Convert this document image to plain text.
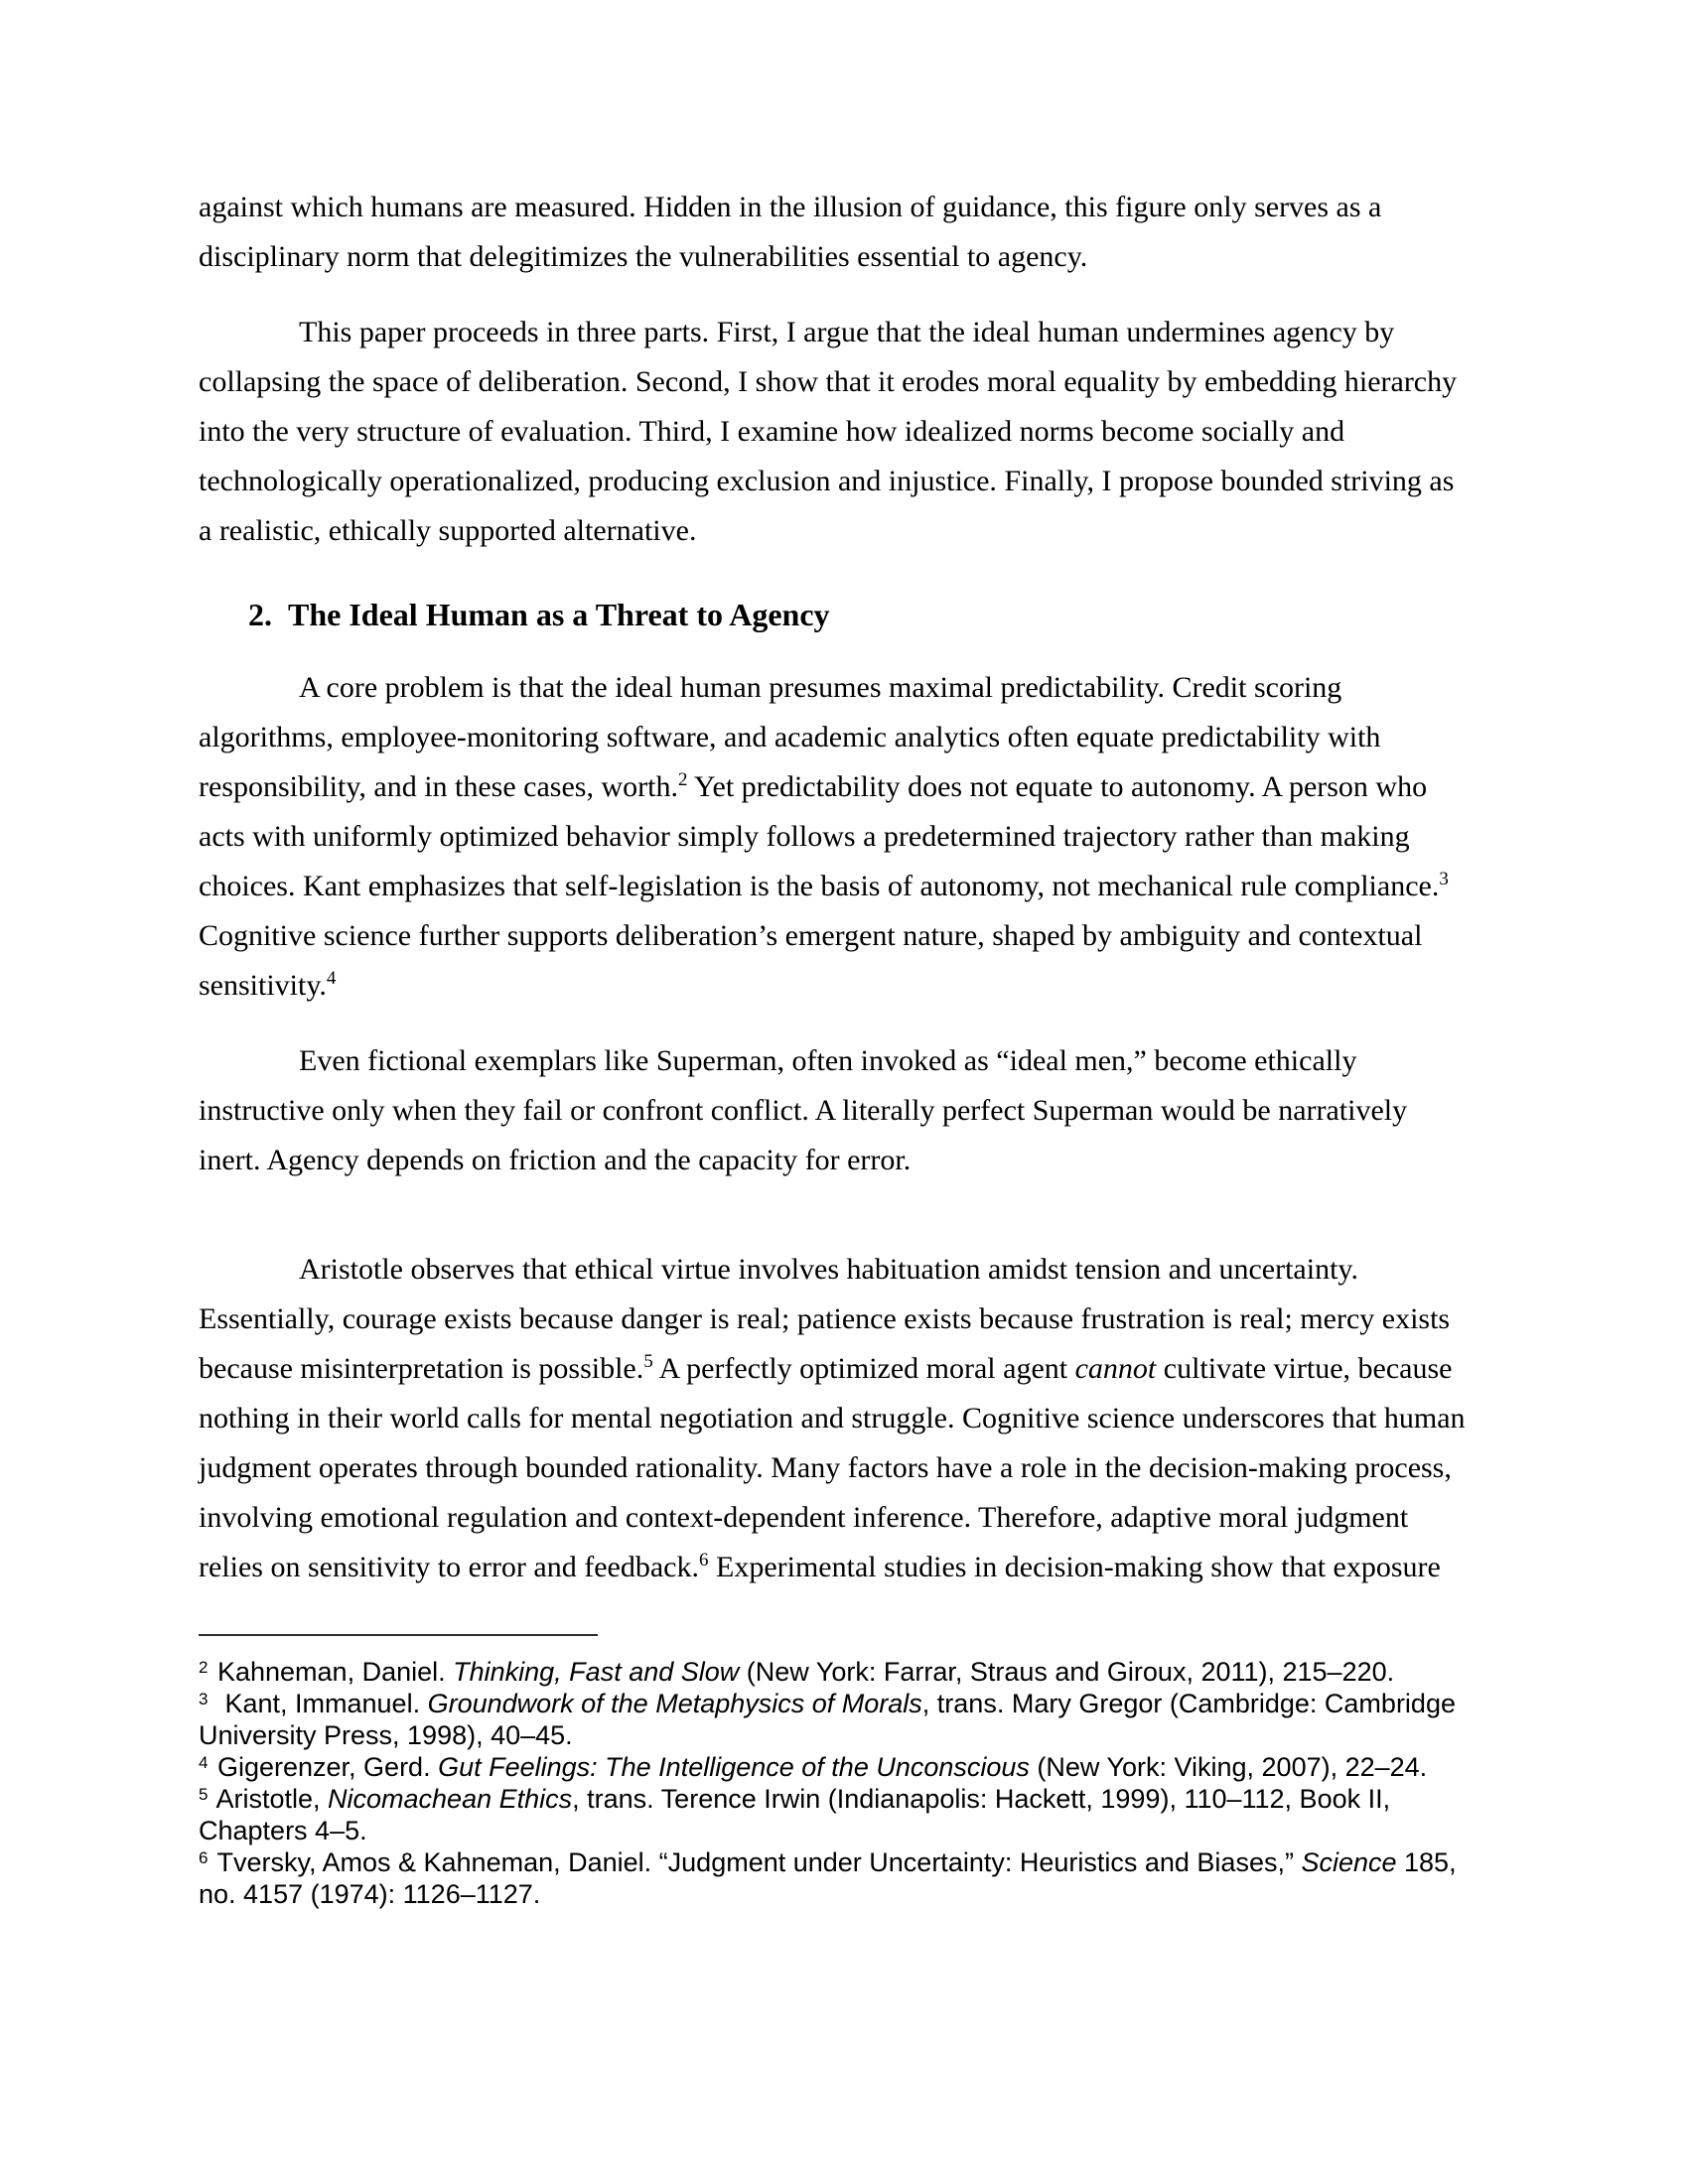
against which humans are measured. Hidden in the illusion of guidance, this figure only serves as a disciplinary norm that delegitimizes the vulnerabilities essential to agency.

This paper proceeds in three parts. First, I argue that the ideal human undermines agency by collapsing the space of deliberation. Second, I show that it erodes moral equality by embedding hierarchy into the very structure of evaluation. Third, I examine how idealized norms become socially and technologically operationalized, producing exclusion and injustice. Finally, I propose bounded striving as a realistic, ethically supported alternative.

2. The Ideal Human as a Threat to Agency

A core problem is that the ideal human presumes maximal predictability. Credit scoring algorithms, employee-monitoring software, and academic analytics often equate predictability with responsibility, and in these cases, worth.$^2$ Yet predictability does not equate to autonomy. A person who acts with uniformly optimized behavior simply follows a predetermined trajectory rather than making choices. Kant emphasizes that self-legislation is the basis of autonomy, not mechanical rule compliance.$^3$ Cognitive science further supports deliberation’s emergent nature, shaped by ambiguity and contextual sensitivity.$^4$

Even fictional exemplars like Superman, often invoked as “ideal men,” become ethically instructive only when they fail or confront conflict. A literally perfect Superman would be narratively inert. Agency depends on friction and the capacity for error.

Aristotle observes that ethical virtue involves habituation amidst tension and uncertainty. Essentially, courage exists because danger is real; patience exists because frustration is real; mercy exists because misinterpretation is possible.$^5$ A perfectly optimized moral agent cannot cultivate virtue, because nothing in their world calls for mental negotiation and struggle. Cognitive science underscores that human judgment operates through bounded rationality. Many factors have a role in the decision-making process, involving emotional regulation and context-dependent inference. Therefore, adaptive moral judgment relies on sensitivity to error and feedback.$^6$ Experimental studies in decision-making show that exposure

$^2$ Kahneman, Daniel. Thinking, Fast and Slow (New York: Farrar, Straus and Giroux, 2011), 215–220.
$^3$  Kant, Immanuel. Groundwork of the Metaphysics of Morals, trans. Mary Gregor (Cambridge: Cambridge University Press, 1998), 40–45.
$^4$ Gigerenzer, Gerd. Gut Feelings: The Intelligence of the Unconscious (New York: Viking, 2007), 22–24.
$^5$ Aristotle, Nicomachean Ethics, trans. Terence Irwin (Indianapolis: Hackett, 1999), 110–112, Book II, Chapters 4–5.
$^6$ Tversky, Amos & Kahneman, Daniel. “Judgment under Uncertainty: Heuristics and Biases,” Science 185, no. 4157 (1974): 1126–1127.
